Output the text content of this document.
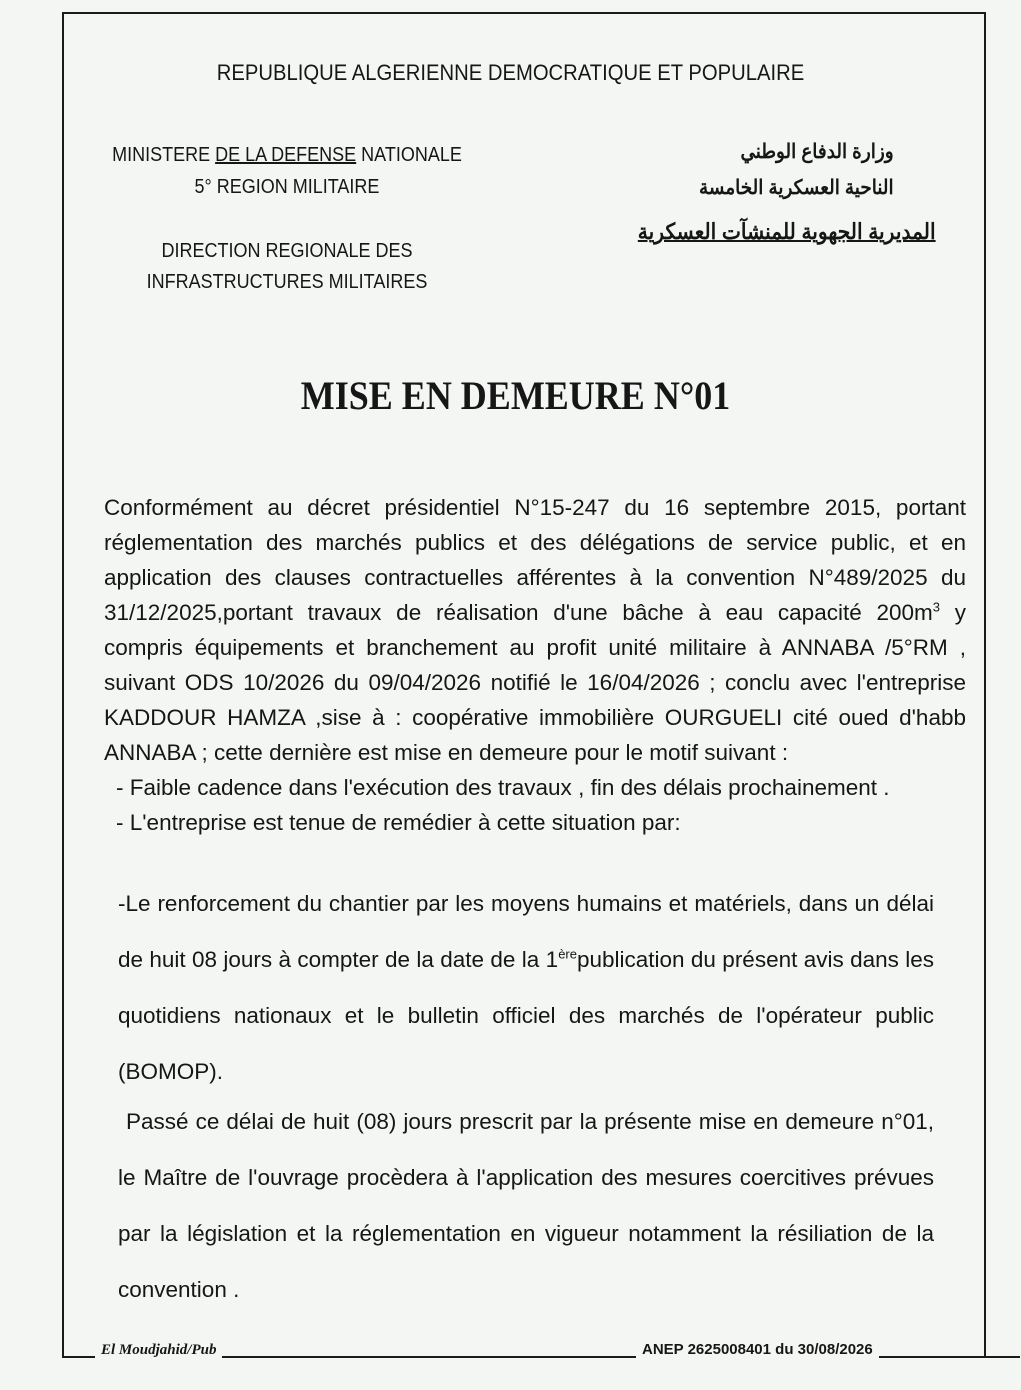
REPUBLIQUE ALGERIENNE DEMOCRATIQUE ET POPULAIRE
MINISTERE DE LA DEFENSE NATIONALE
5° REGION MILITAIRE
DIRECTION REGIONALE DES
INFRASTRUCTURES MILITAIRES
وزارة الدفاع الوطني
الناحية العسكرية الخامسة
المديرية الجهوية للمنشآت العسكرية
MISE EN DEMEURE N°01

Conformément au décret présidentiel N°15-247 du 16 septembre 2015, portant réglementation des marchés publics et des délégations de service public, et en application des clauses contractuelles afférentes à la convention N°489/2025 du 31/12/2025,portant travaux de réalisation d'une bâche à eau capacité $200m^3$ y compris équipements et branchement au profit unité militaire à ANNABA /5°RM , suivant ODS 10/2026 du 09/04/2026 notifié le 16/04/2026 ; conclu avec l'entreprise KADDOUR HAMZA ,sise à : coopérative immobilière OURGUELI cité oued d'habb ANNABA ; cette dernière est mise en demeure pour le motif suivant :

- Faible cadence dans l'exécution des travaux , fin des délais prochainement .

- L'entreprise est tenue de remédier à cette situation par:

-Le renforcement du chantier par les moyens humains et matériels, dans un délai de huit 08 jours à compter de la date de la 1èrepublication du présent avis dans les quotidiens nationaux et le bulletin officiel des marchés de l'opérateur public (BOMOP).

Passé ce délai de huit (08) jours prescrit par la présente mise en demeure n°01, le Maître de l'ouvrage procèdera à l'application des mesures coercitives prévues par la législation et la réglementation en vigueur notamment la résiliation de la convention .

El Moudjahid/Pub	ANEP 2625008401 du 30/08/2026
